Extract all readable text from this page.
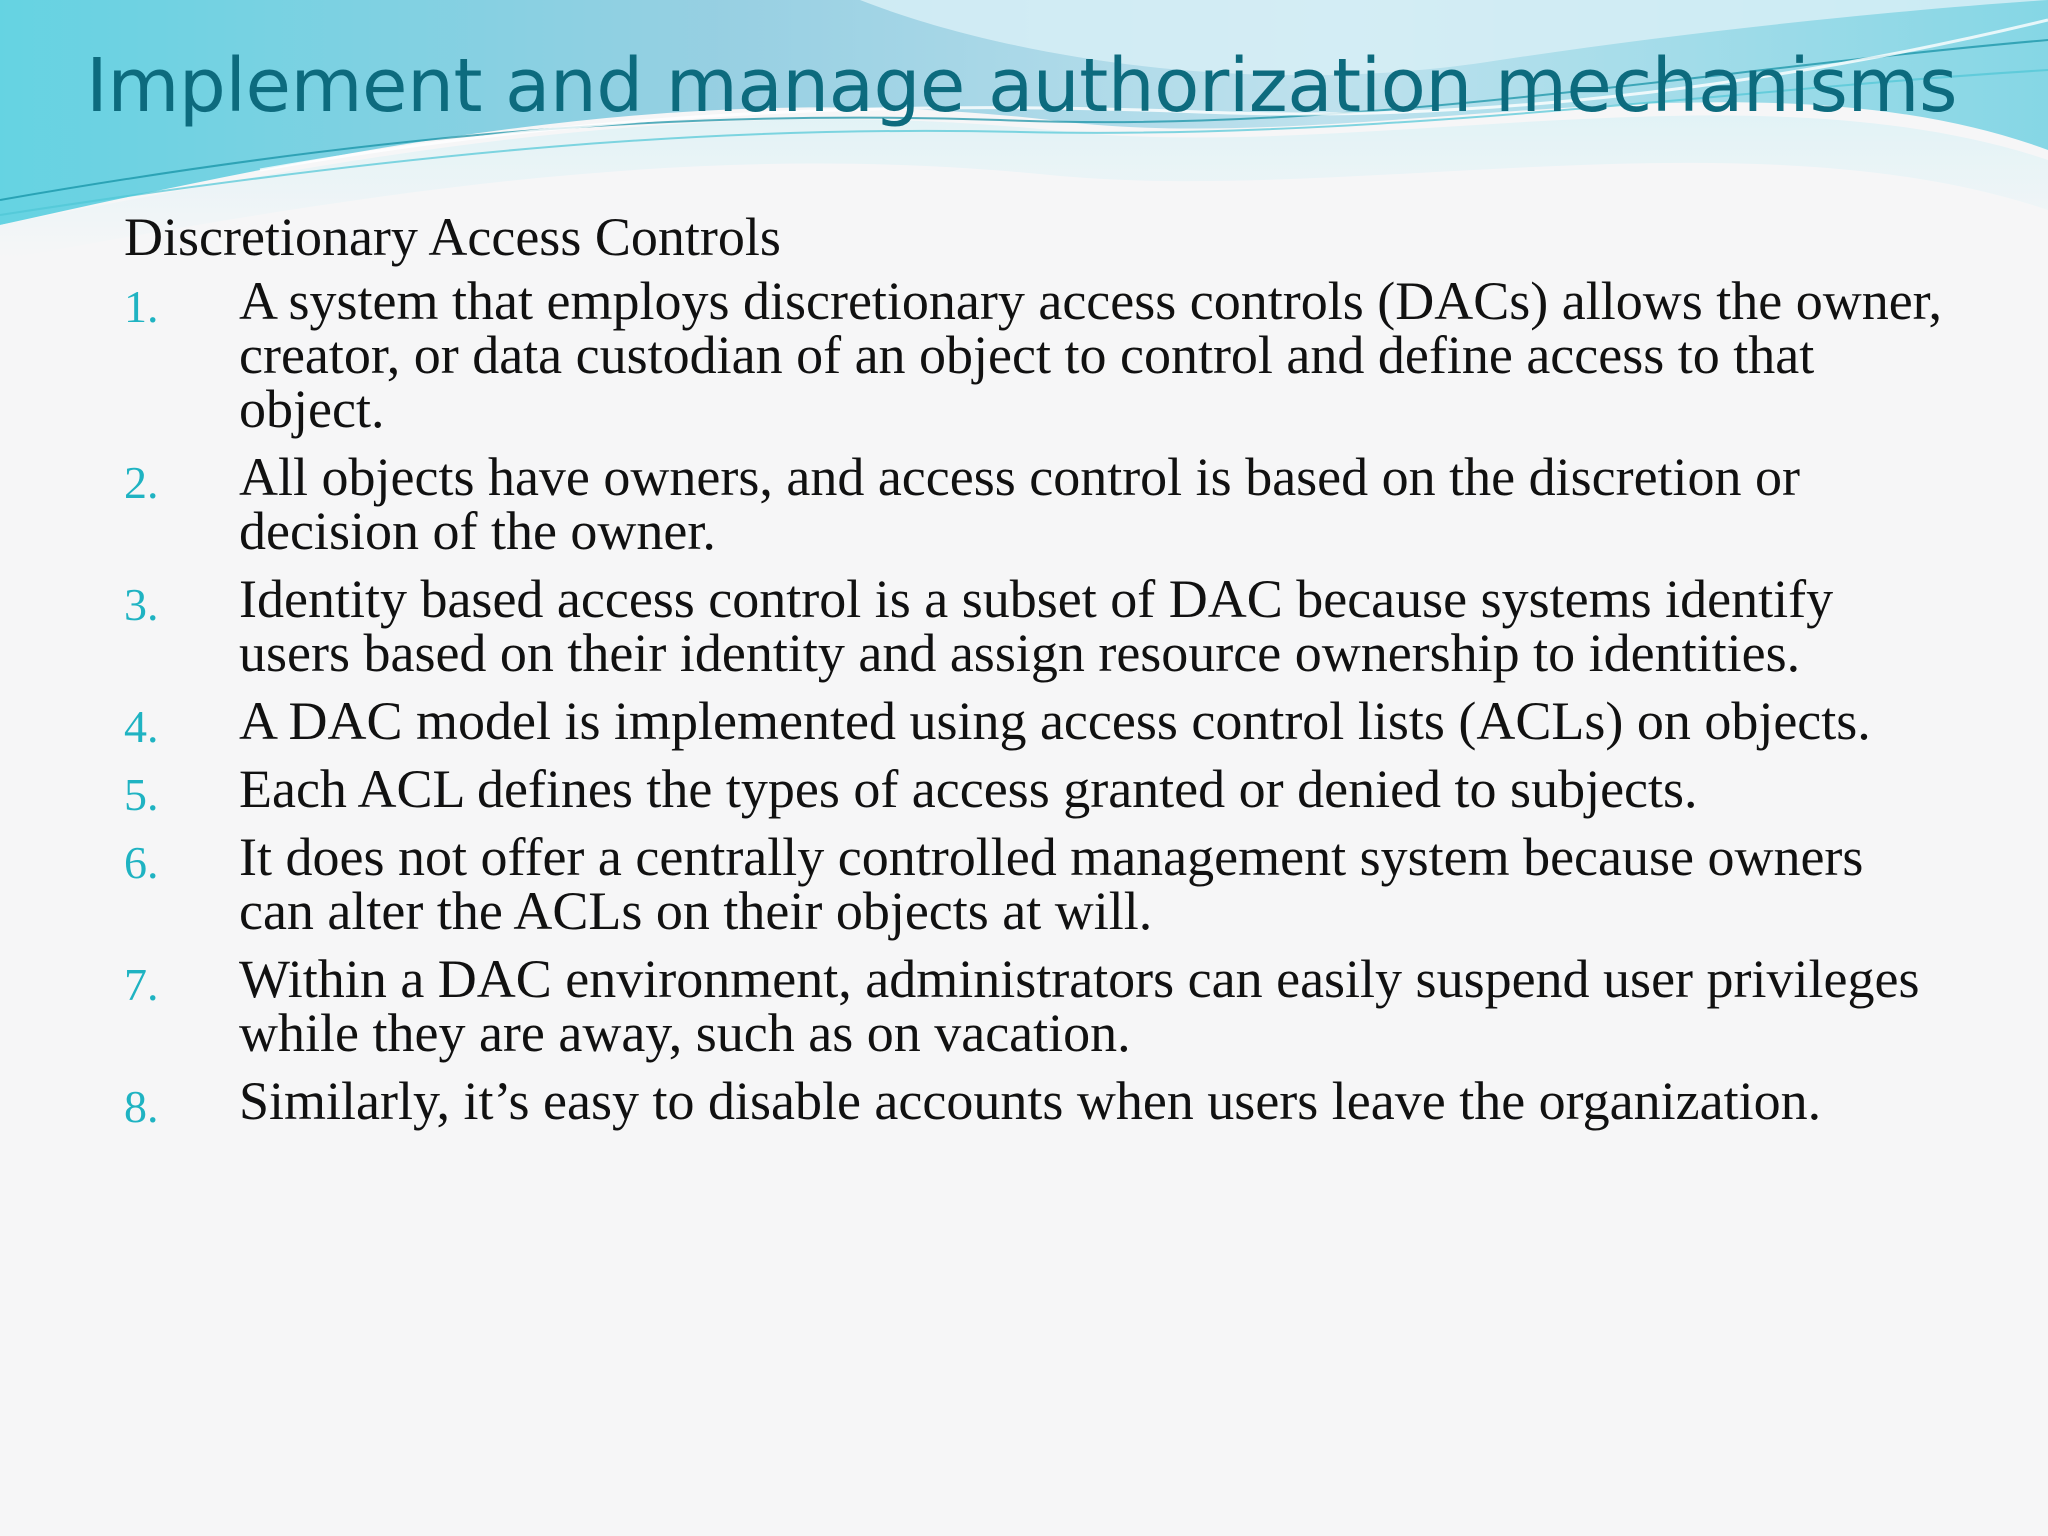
Implement and manage authorization mechanisms
Discretionary Access Controls
1.	A system that employs discretionary access controls (DACs) allows the owner, creator, or data custodian of an object to control and define access to that object.
2.	All objects have owners, and access control is based on the discretion or decision of the owner.
3.	Identity based access control is a subset of DAC because systems identify users based on their identity and assign resource ownership to identities.
4.	A DAC model is implemented using access control lists (ACLs) on objects.
5.	Each ACL defines the types of access granted or denied to subjects.
6.	It does not offer a centrally controlled management system because owners can alter the ACLs on their objects at will.
7.	Within a DAC environment, administrators can easily suspend user privileges while they are away, such as on vacation.
8.	Similarly, it’s easy to disable accounts when users leave the organization.
